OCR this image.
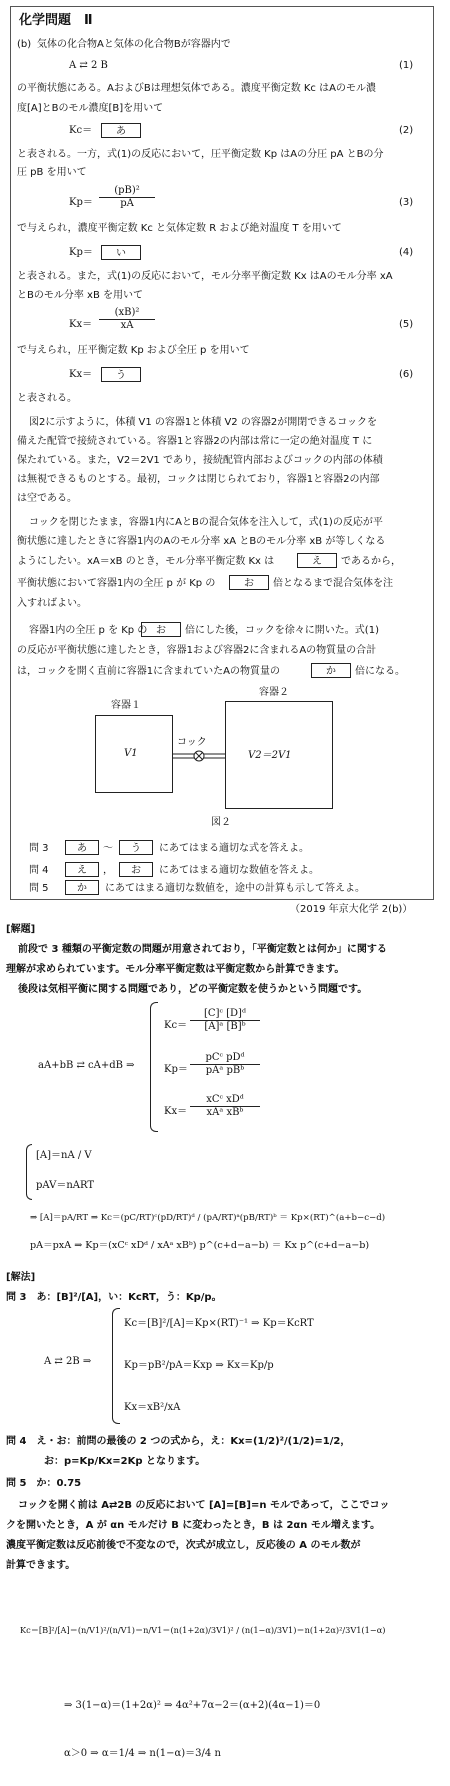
化学問題　Ⅱ
(b) 気体の化合物Aと気体の化合物Bが容器内で
A ⇄ 2 B	(1)
の平衡状態にある。AおよびBは理想気体である。濃度平衡定数 Kc はAのモル濃
度[A]とBのモル濃度[B]を用いて
Kc＝	あ	(2)
と表される。一方，式(1)の反応において，圧平衡定数 Kp はAの分圧 pA とBの分
圧 pB を用いて
$Kp= \frac{\text{(pB)²}}{pA}$	(3)
で与えられ，濃度平衡定数 Kc と気体定数 R および絶対温度 T を用いて
Kp＝	い	(4)
と表される。また，式(1)の反応において，モル分率平衡定数 Kx はAのモル分率 xA
とBのモル分率 xB を用いて
$Kx= \frac{\text{(xB)²}}{xA}$	(5)
で与えられ，圧平衡定数 Kp および全圧 p を用いて
Kx＝	う	(6)
と表される。
図2に示すように，体積 V1 の容器1と体積 V2 の容器2が開閉できるコックを
備えた配管で接続されている。容器1と容器2の内部は常に一定の絶対温度 T に
保たれている。また，V2＝2V1 であり，接続配管内部およびコックの内部の体積
は無視できるものとする。最初，コックは閉じられており，容器1と容器2の内部
は空である。
コックを閉じたまま，容器1内にAとBの混合気体を注入して，式(1)の反応が平
衡状態に達したときに容器1内のAのモル分率 xA とBのモル分率 xB が等しくなる
ようにしたい。xA＝xB のとき，モル分率平衡定数 Kx は	え	であるから，
平衡状態において容器1内の全圧 p が Kp の	お	倍となるまで混合気体を注
入すればよい。
容器1内の全圧 p を Kp の お	倍にした後，コックを徐々に開いた。式(1)
の反応が平衡状態に達したとき，容器1および容器2に含まれるAの物質量の合計
は，コックを開く直前に容器1に含まれていたAの物質量の	か	倍になる。
容器１
容器２
V1	V2＝2V1
コック
図２
問 3	あ	～	う	にあてはまる適切な式を答えよ。
問 4	え	，	お	にあてはまる適切な数値を答えよ。
問 5	か	にあてはまる適切な数値を，途中の計算も示して答えよ。
（2019 年京大化学 2(b)）
[解題]
前段で 3 種類の平衡定数の問題が用意されており，「平衡定数とは何か」に関する
理解が求められています。モル分率平衡定数は平衡定数から計算できます。
後段は気相平衡に関する問題であり，どの平衡定数を使うかという問題です。
aA+bB ⇄ cA+dB ⇒
$Kc= \frac{\text{[C]ᶜ [D]ᵈ}}{\text{[A]ᵃ [B]ᵇ}}$
Kp＝
pCᶜ pDᵈ
pAᵃ pBᵇ
Kx＝
xCᶜ xDᵈ
xAᵃ xBᵇ
[A]＝nA / V
pAV＝nART
⇒ [A]＝pA/RT ⇒ Kc＝(pC/RT)ᶜ(pD/RT)ᵈ / (pA/RT)ᵃ(pB/RT)ᵇ ＝ Kp×(RT)^(a+b−c−d)
pA＝pxA ⇒ Kp＝(xCᶜ xDᵈ / xAᵃ xBᵇ) p^(c+d−a−b) ＝ Kx p^(c+d−a−b)
[解法]
問 3　あ：[B]²/[A]，い：KcRT，う：Kp/p。
A ⇄ 2B ⇒
Kc＝[B]²/[A]＝Kp×(RT)⁻¹ ⇒ Kp＝KcRT
Kp＝pB²/pA＝Kxp ⇒ Kx＝Kp/p
Kx＝xB²/xA
問 4　え・お：前問の最後の 2 つの式から，え：Kx=(1/2)²/(1/2)=1/2，
お：p=Kp/Kx=2Kp となります。
問 5　か：0.75
コックを開く前は A⇄2B の反応において [A]=[B]=n モルであって，ここでコッ
クを開いたとき，A が αn モルだけ B に変わったとき，B は 2αn モル増えます。
濃度平衡定数は反応前後で不変なので，次式が成立し，反応後の A のモル数が
計算できます。
Kc＝[B]²/[A]＝(n/V1)²/(n/V1)＝n/V1＝(n(1+2α)/3V1)² / (n(1−α)/3V1)＝n(1+2α)²/3V1(1−α)
⇒ 3(1−α)＝(1+2α)² ⇒ 4α²+7α−2＝(α+2)(4α−1)＝0
α＞0 ⇒ α＝1/4 ⇒ n(1−α)＝3/4 n
